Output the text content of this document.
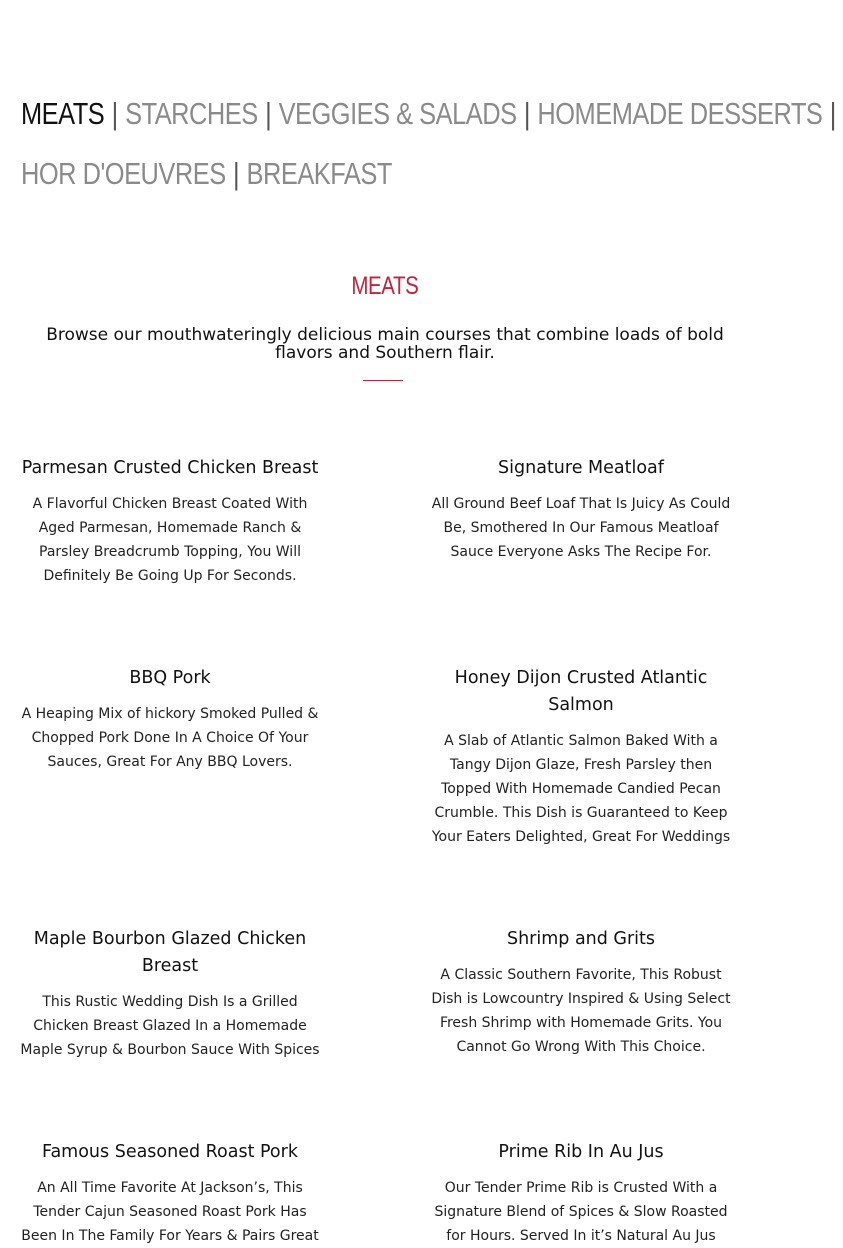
MEATS | STARCHES | VEGGIES & SALADS | HOMEMADE DESSERTS |
HOR D'OEUVRES | BREAKFAST
MEATS
Browse our mouthwateringly delicious main courses that combine loads of bold flavors and Southern flair.
Parmesan Crusted Chicken Breast

A Flavorful Chicken Breast Coated With Aged Parmesan, Homemade Ranch & Parsley Breadcrumb Topping, You Will Definitely Be Going Up For Seconds.

Signature Meatloaf

All Ground Beef Loaf That Is Juicy As Could Be, Smothered In Our Famous Meatloaf Sauce Everyone Asks The Recipe For.

BBQ Pork

A Heaping Mix of hickory Smoked Pulled & Chopped Pork Done In A Choice Of Your Sauces, Great For Any BBQ Lovers.

Honey Dijon Crusted Atlantic Salmon

A Slab of Atlantic Salmon Baked With a Tangy Dijon Glaze, Fresh Parsley then Topped With Homemade Candied Pecan Crumble. This Dish is Guaranteed to Keep Your Eaters Delighted, Great For Weddings

Maple Bourbon Glazed Chicken Breast

This Rustic Wedding Dish Is a Grilled Chicken Breast Glazed In a Homemade Maple Syrup & Bourbon Sauce With Spices

Shrimp and Grits

A Classic Southern Favorite, This Robust Dish is Lowcountry Inspired & Using Select Fresh Shrimp with Homemade Grits. You Cannot Go Wrong With This Choice.

Famous Seasoned Roast Pork

An All Time Favorite At Jackson’s, This Tender Cajun Seasoned Roast Pork Has Been In The Family For Years & Pairs Great

Prime Rib In Au Jus

Our Tender Prime Rib is Crusted With a Signature Blend of Spices & Slow Roasted for Hours. Served In it’s Natural Au Jus
